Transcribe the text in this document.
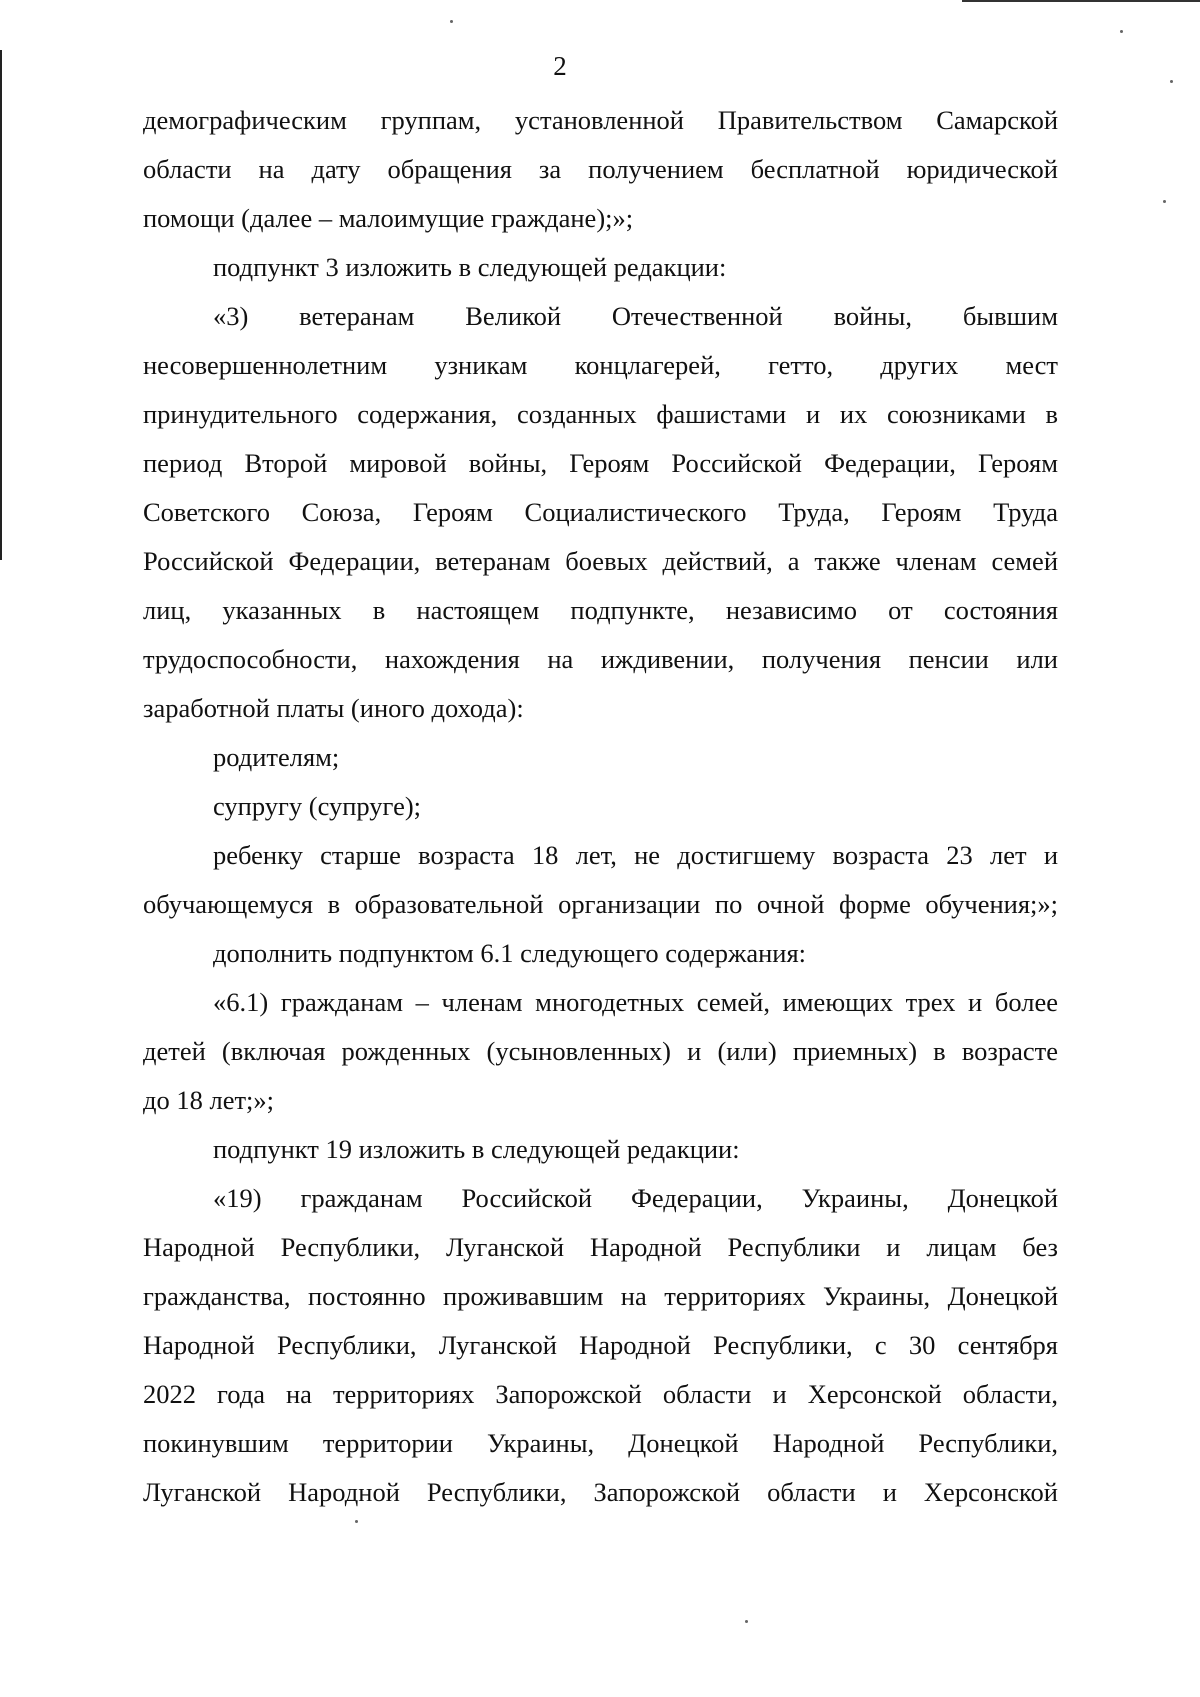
2
демографическим группам, установленной Правительством Самарской
области на дату обращения за получением бесплатной юридической
помощи (далее – малоимущие граждане);»;
подпункт 3 изложить в следующей редакции:
«3) ветеранам Великой Отечественной войны, бывшим
несовершеннолетним узникам концлагерей, гетто, других мест
принудительного содержания, созданных фашистами и их союзниками в
период Второй мировой войны, Героям Российской Федерации, Героям
Советского Союза, Героям Социалистического Труда, Героям Труда
Российской Федерации, ветеранам боевых действий, а также членам семей
лиц, указанных в настоящем подпункте, независимо от состояния
трудоспособности, нахождения на иждивении, получения пенсии или
заработной платы (иного дохода):
родителям;
супругу (супруге);
ребенку старше возраста 18 лет, не достигшему возраста 23 лет и
обучающемуся в образовательной организации по очной форме обучения;»;
дополнить подпунктом 6.1 следующего содержания:
«6.1) гражданам – членам многодетных семей, имеющих трех и более
детей (включая рожденных (усыновленных) и (или) приемных) в возрасте
до 18 лет;»;
подпункт 19 изложить в следующей редакции:
«19) гражданам Российской Федерации, Украины, Донецкой
Народной Республики, Луганской Народной Республики и лицам без
гражданства, постоянно проживавшим на территориях Украины, Донецкой
Народной Республики, Луганской Народной Республики, с 30 сентября
2022 года на территориях Запорожской области и Херсонской области,
покинувшим территории Украины, Донецкой Народной Республики,
Луганской Народной Республики, Запорожской области и Херсонской
